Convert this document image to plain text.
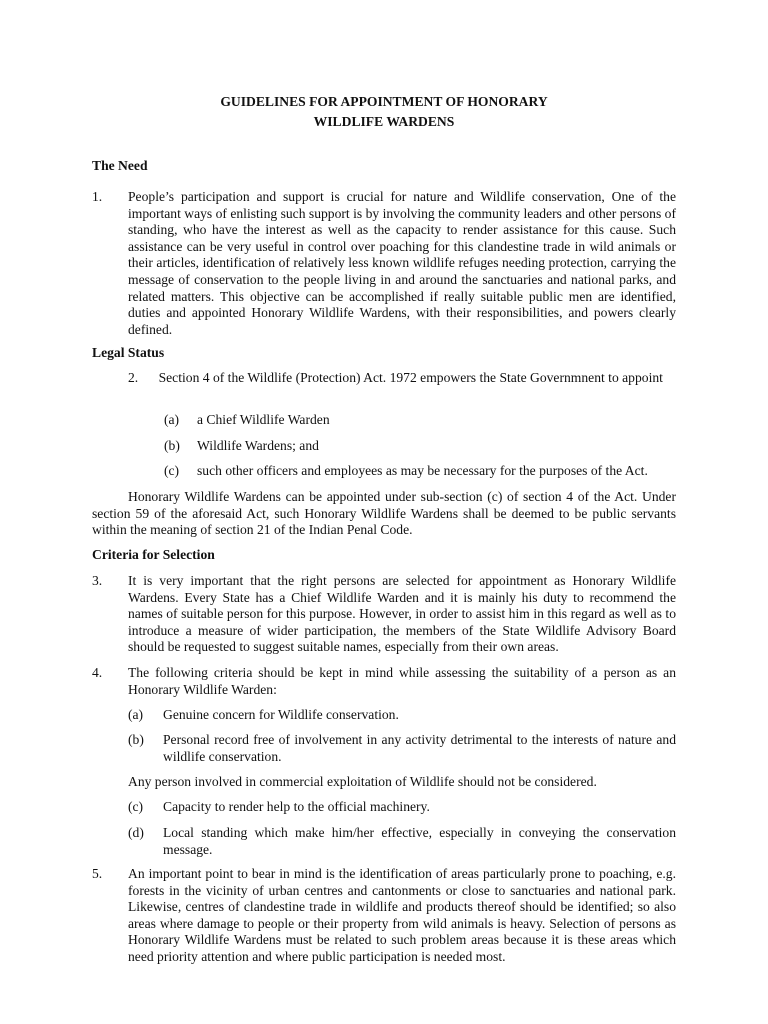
GUIDELINES FOR APPOINTMENT OF HONORARY
WILDLIFE WARDENS
The Need
1. People’s participation and support is crucial for nature and Wildlife conservation, One of the important ways of enlisting such support is by involving the community leaders and other persons of standing, who have the interest as well as the capacity to render assistance for this cause. Such assistance can be very useful in control over poaching for this clandestine trade in wild animals or their articles, identification of relatively less known wildlife refuges needing protection, carrying the message of conservation to the people living in and around the sanctuaries and national parks, and related matters. This objective can be accomplished if really suitable public men are identified, duties and appointed Honorary Wildlife Wardens, with their responsibilities, and powers clearly defined.
Legal Status
2.      Section 4 of the Wildlife (Protection) Act. 1972 empowers the State Governmnent to appoint
(a) a Chief Wildlife Warden
(b) Wildlife Wardens; and
(c) such other officers and employees as may be necessary for the purposes of the Act.
Honorary Wildlife Wardens can be appointed under sub-section (c) of section 4 of the Act. Under section 59 of the aforesaid Act, such Honorary Wildlife Wardens shall be deemed to be public servants within the meaning of section 21 of the Indian Penal Code.
Criteria for Selection
3. It is very important that the right persons are selected for appointment as Honorary Wildlife Wardens. Every State has a Chief Wildlife Warden and it is mainly his duty to recommend the names of suitable person for this purpose. However, in order to assist him in this regard as well as to introduce a measure of wider participation, the members of the State Wildlife Advisory Board should be requested to suggest suitable names, especially from their own areas.
4. The following criteria should be kept in mind while assessing the suitability of a person as an Honorary Wildlife Warden:
(a) Genuine concern for Wildlife conservation.
(b) Personal record free of involvement in any activity detrimental to the interests of nature and wildlife conservation.
Any person involved in commercial exploitation of Wildlife should not be considered.
(c) Capacity to render help to the official machinery.
(d) Local standing which make him/her effective, especially in conveying the conservation message.
5. An important point to bear in mind is the identification of areas particularly prone to poaching, e.g. forests in the vicinity of urban centres and cantonments or close to sanctuaries and national park. Likewise, centres of clandestine trade in wildlife and products thereof should be identified; so also areas where damage to people or their property from wild animals is heavy. Selection of persons as Honorary Wildlife Wardens must be related to such problem areas because it is these areas which need priority attention and where public participation is needed most.
